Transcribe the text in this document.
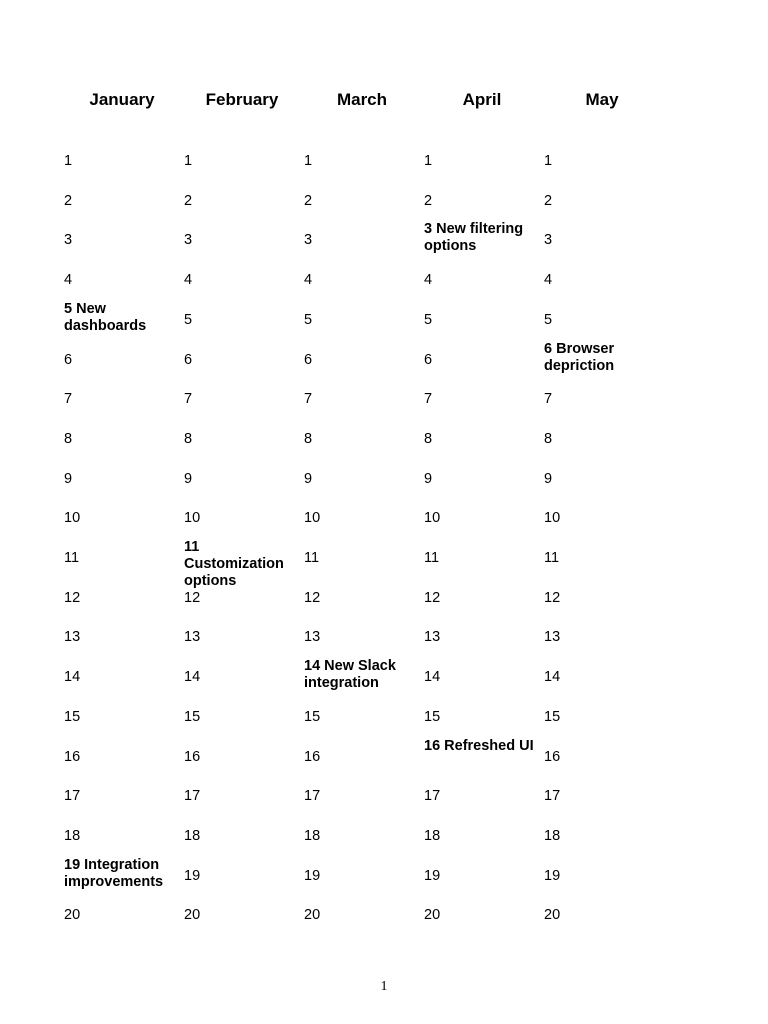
January
1
2
3
4
5 New dashboards
6
7
8
9
10
11
12
13
14
15
16
17
18
19 Integration improvements
20
February
1
2
3
4
5
6
7
8
9
10
11 Customization options
12
13
14
15
16
17
18
19
20
March
1
2
3
4
5
6
7
8
9
10
11
12
13
14 New Slack integration
15
16
17
18
19
20
April
1
2
3 New filtering options
4
5
6
7
8
9
10
11
12
13
14
15
16 Refreshed UI
17
18
19
20
May
1
2
3
4
5
6 Browser depriction
7
8
9
10
11
12
13
14
15
16
17
18
19
20
1
